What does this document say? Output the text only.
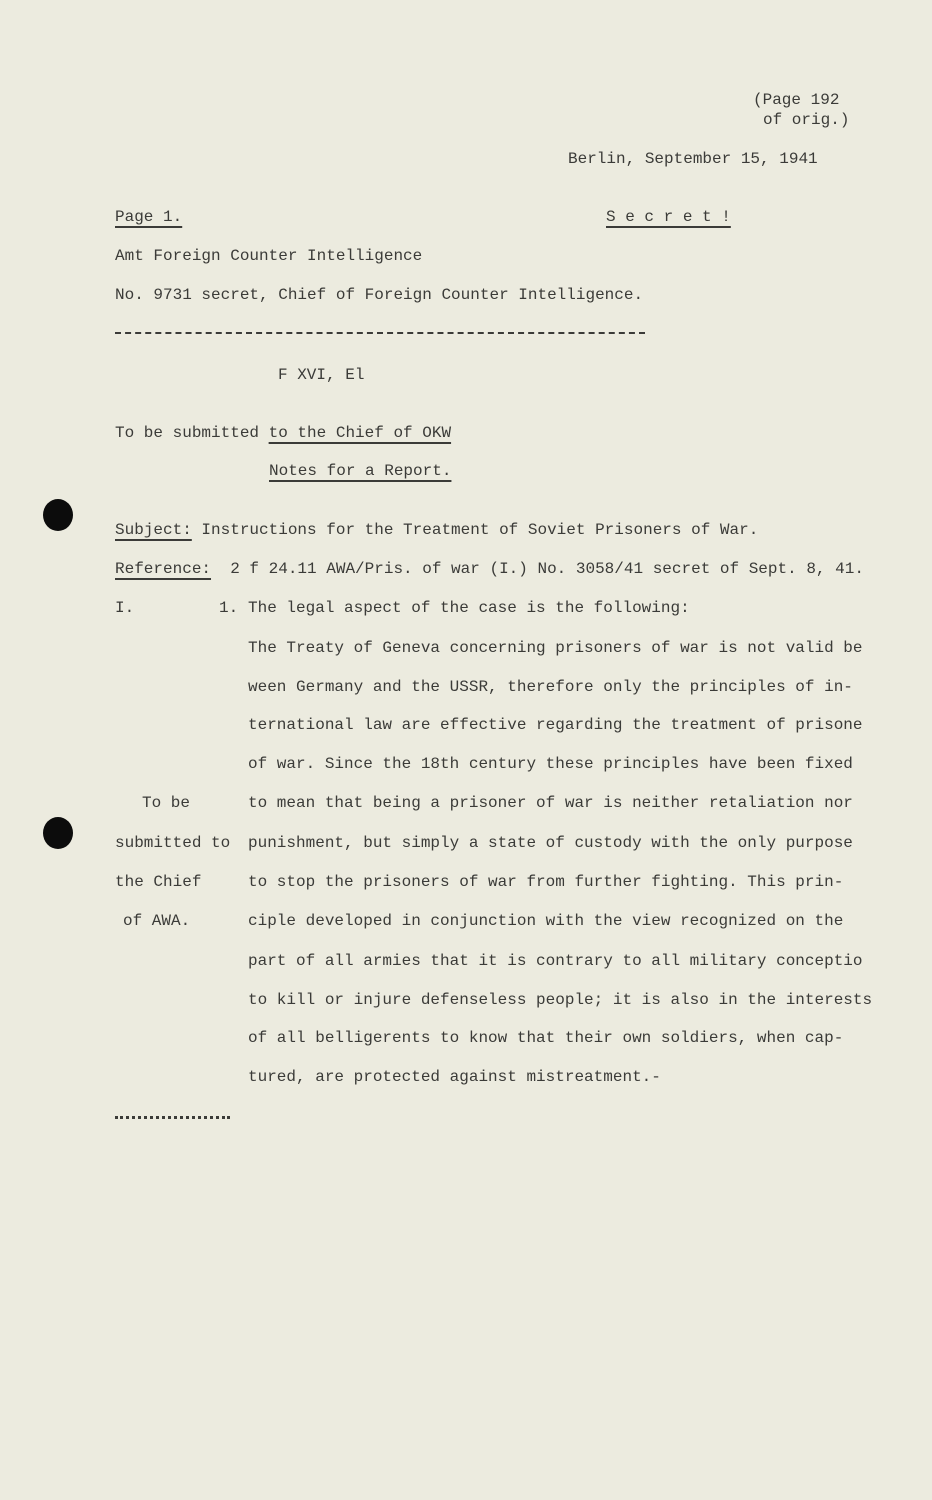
(Page 192
of orig.)
Berlin, September 15, 1941
Page 1.	S e c r e t !
Amt Foreign Counter Intelligence
No. 9731 secret, Chief of Foreign Counter Intelligence.
F XVI, El
To be submitted to the Chief of OKW
Notes for a Report.
Subject: Instructions for the Treatment of Soviet Prisoners of War.
Reference:  2 f 24.11 AWA/Pris. of war (I.) No. 3058/41 secret of Sept. 8, 41.
I.	1. The legal aspect of the case is the following:
The Treaty of Geneva concerning prisoners of war is not valid be
ween Germany and the USSR, therefore only the principles of in-
ternational law are effective regarding the treatment of prisone
of war. Since the 18th century these principles have been fixed
to mean that being a prisoner of war is neither retaliation nor
punishment, but simply a state of custody with the only purpose
to stop the prisoners of war from further fighting. This prin-
ciple developed in conjunction with the view recognized on the
part of all armies that it is contrary to all military conceptio
to kill or injure defenseless people; it is also in the interests
of all belligerents to know that their own soldiers, when cap-
tured, are protected against mistreatment.-
To be
submitted to
the Chief
of AWA.
